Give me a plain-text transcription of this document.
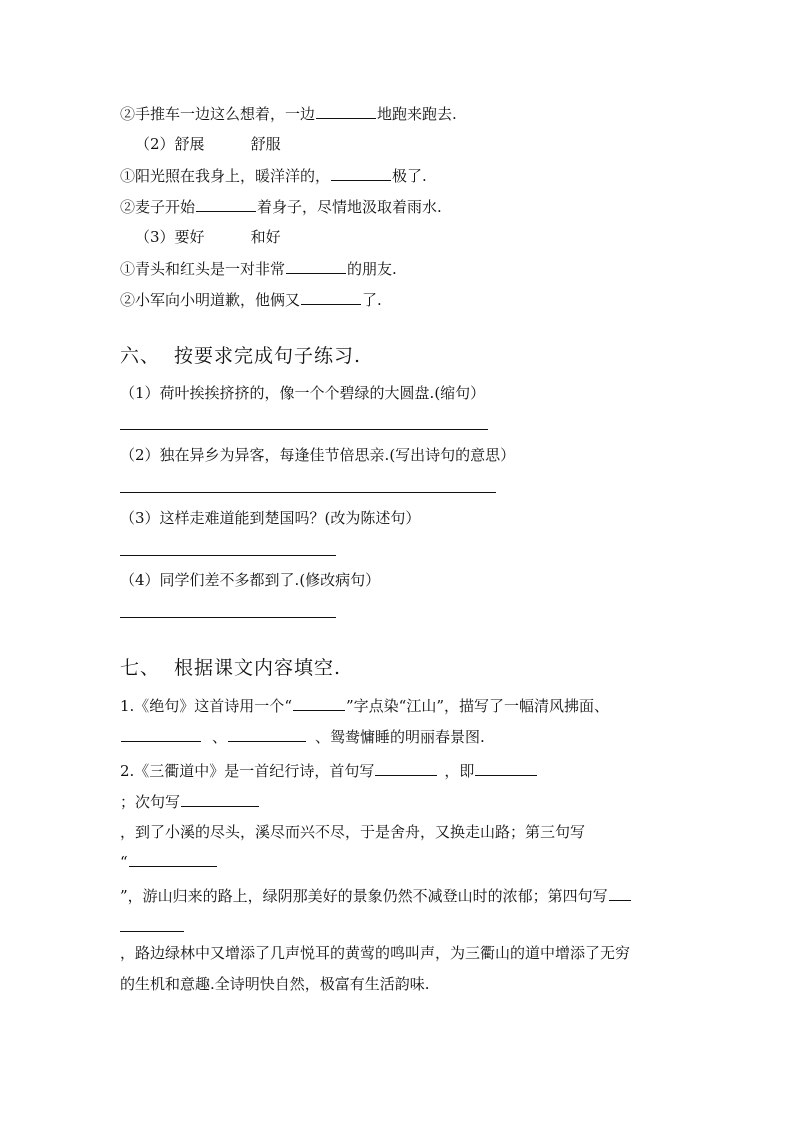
②手推车一边这么想着，一边	地跑来跑去.
（2）舒展	舒服
①阳光照在我身上，暖洋洋的，	极了.
②麦子开始	着身子，尽情地汲取着雨水.
（3）要好	和好
①青头和红头是一对非常	的朋友.
②小军向小明道歉，他俩又	了.
六、 按要求完成句子练习.
（1）荷叶挨挨挤挤的，像一个个碧绿的大圆盘.(缩句）
（2）独在异乡为异客，每逢佳节倍思亲.(写出诗句的意思）
（3）这样走难道能到楚国吗？(改为陈述句）
（4）同学们差不多都到了.(修改病句）
七、 根据课文内容填空.
1.《绝句》这首诗用一个“	”字点染“江山”，描写了一幅清风拂面、
、	、鸳鸯慵睡的明丽春景图.
2.《三衢道中》是一首纪行诗，首句写	，即
；次句写
，到了小溪的尽头，溪尽而兴不尽，于是舍舟，又换走山路；第三句写
“
”，游山归来的路上，绿阴那美好的景象仍然不减登山时的浓郁；第四句写
，路边绿林中又增添了几声悦耳的黄莺的鸣叫声，为三衢山的道中增添了无穷
的生机和意趣.全诗明快自然，极富有生活韵味.
